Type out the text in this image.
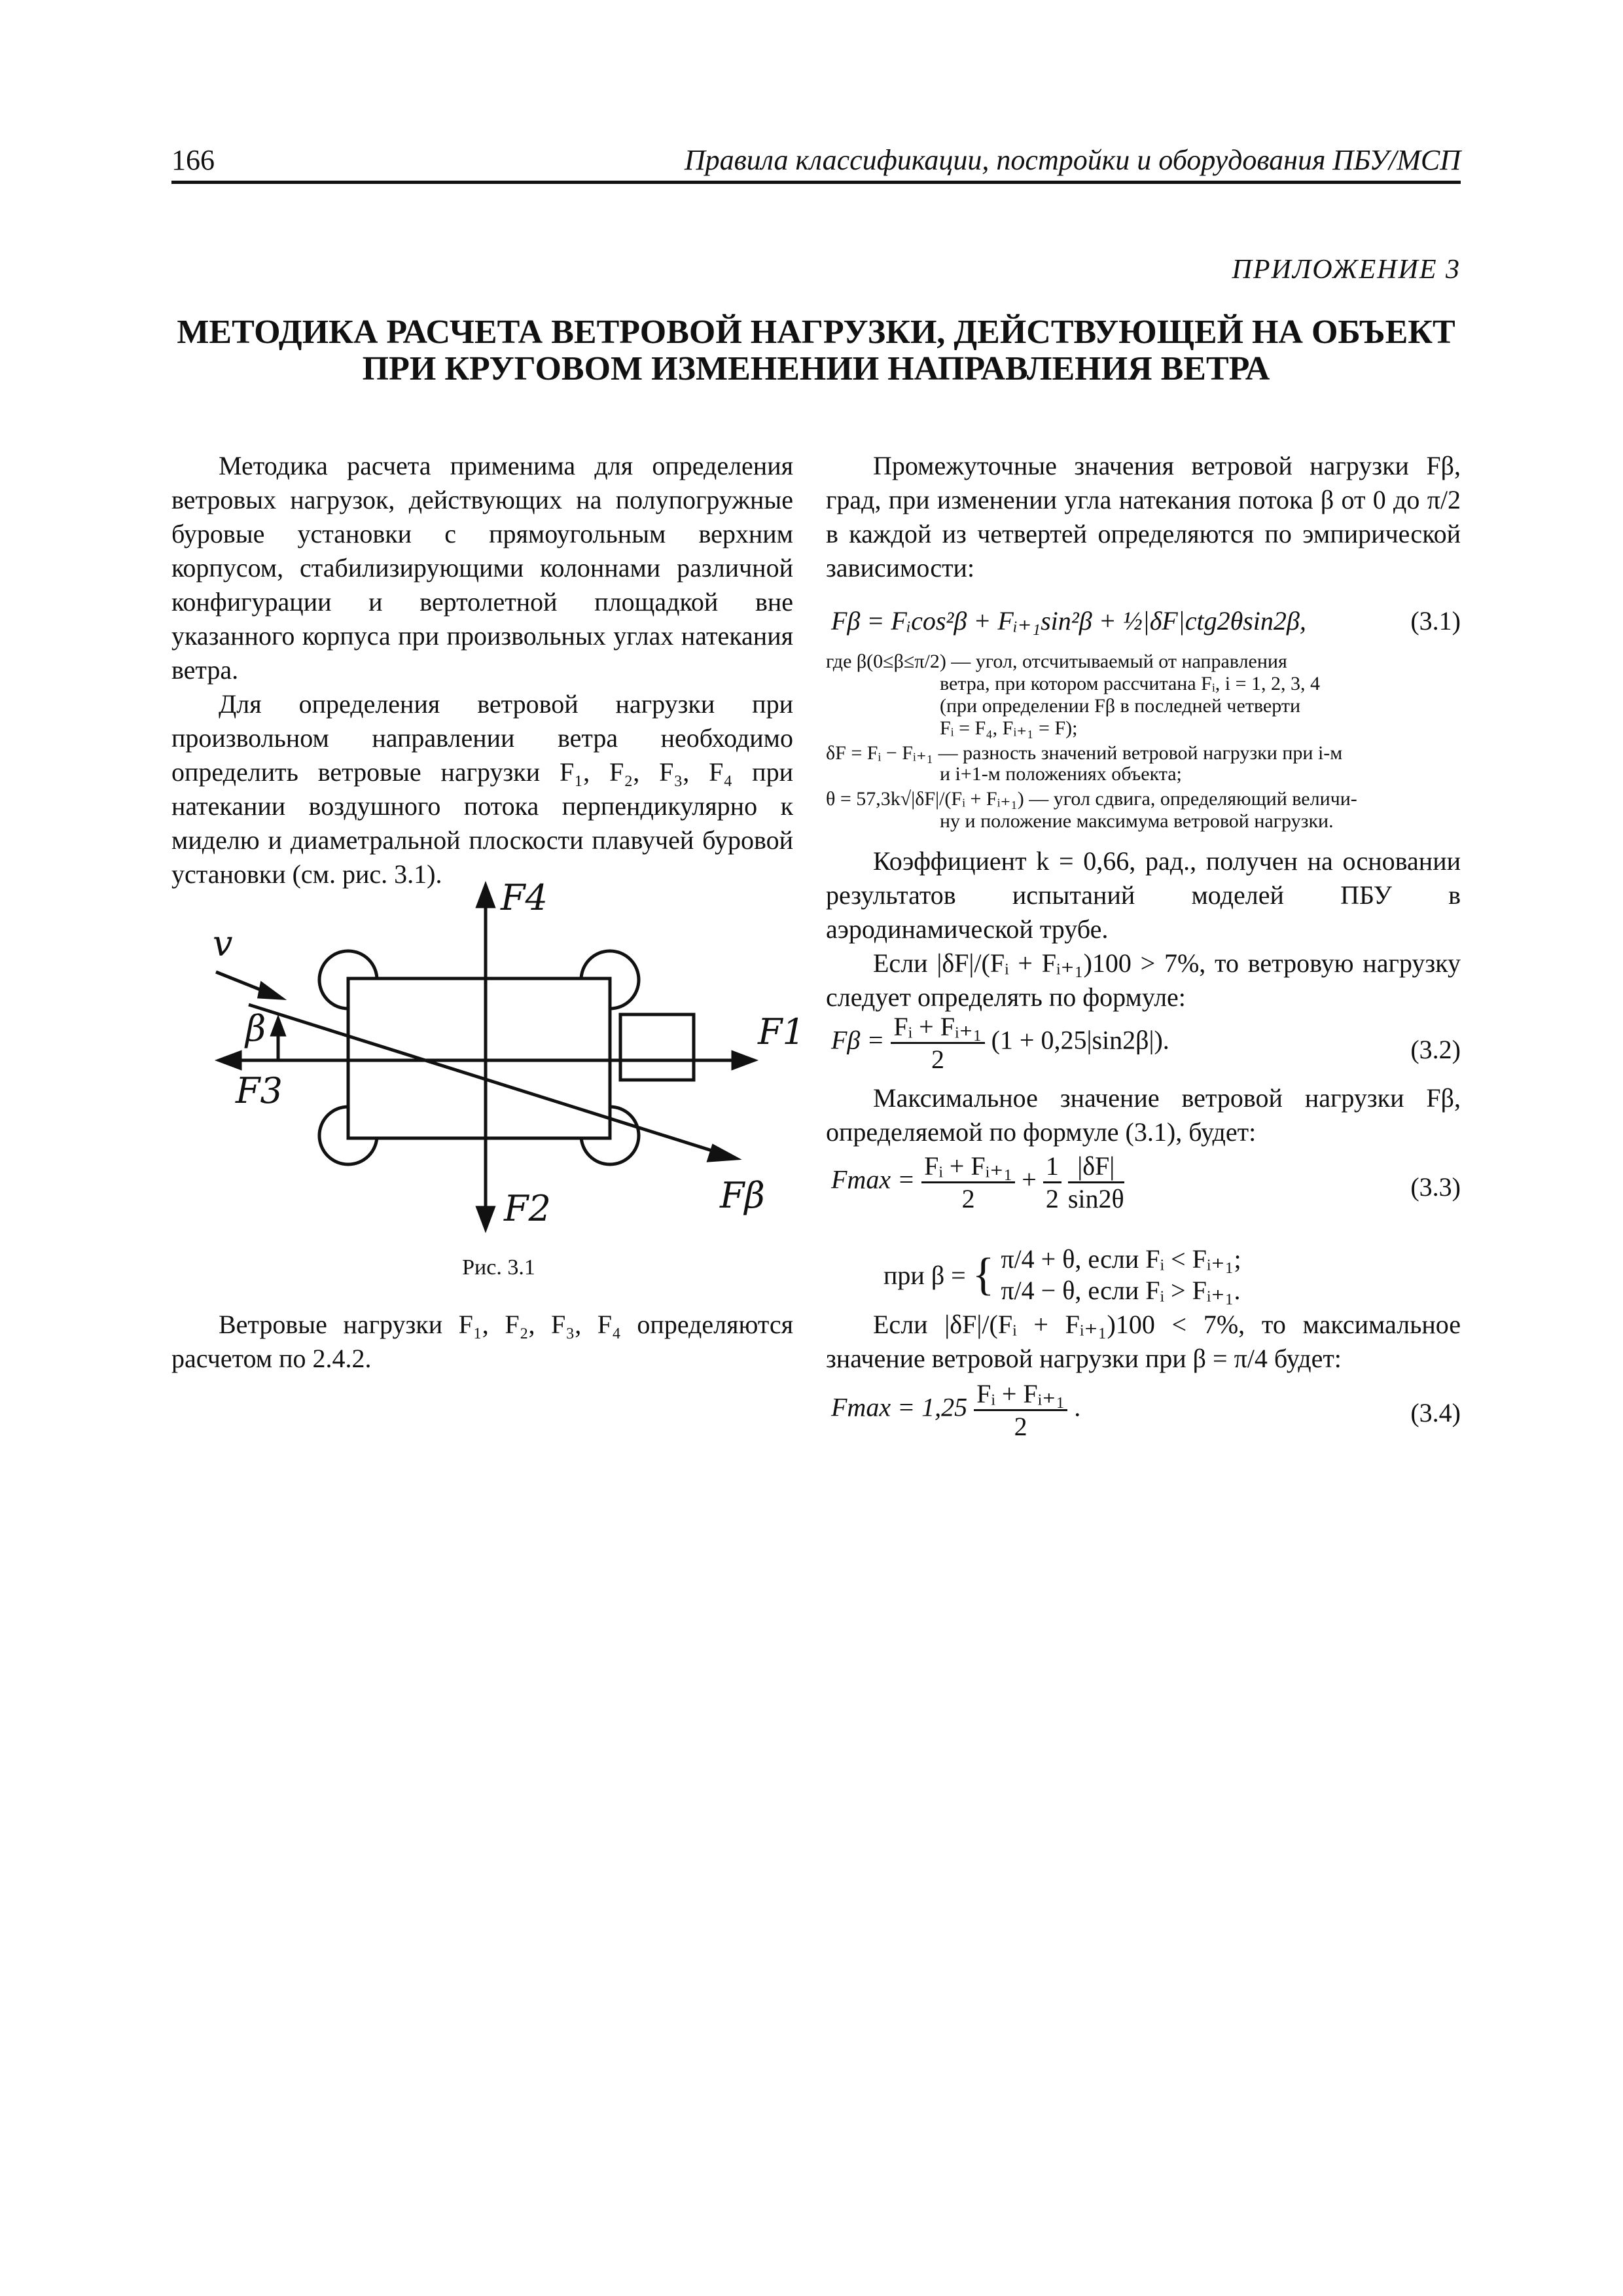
166	Правила классификации, постройки и оборудования ПБУ/МСП
ПРИЛОЖЕНИЕ 3
МЕТОДИКА РАСЧЕТА ВЕТРОВОЙ НАГРУЗКИ, ДЕЙСТВУЮЩЕЙ НА ОБЪЕКТ
ПРИ КРУГОВОМ ИЗМЕНЕНИИ НАПРАВЛЕНИЯ ВЕТРА

Методика расчета применима для определения ветровых нагрузок, действующих на полупогружные буровые установки с прямоугольным верхним корпусом, стабилизирующими колоннами различной конфигурации и вертолетной площадкой вне указанного корпуса при произвольных углах натекания ветра.

Для определения ветровой нагрузки при произвольном направлении ветра необходимо определить ветровые нагрузки F₁, F₂, F₃, F₄ при натекании воздушного потока перпендикулярно к миделю и диаметральной плоскости плавучей буровой установки (см. рис. 3.1).

v
F4
F1
F3
F2	Fβ
β
Рис. 3.1

Ветровые нагрузки F₁, F₂, F₃, F₄ определяются расчетом по 2.4.2.

Промежуточные значения ветровой нагрузки Fβ, град, при изменении угла натекания потока β от 0 до π/2 в каждой из четвертей определяются по эмпирической зависимости:

Fβ = Fᵢcos²β + Fᵢ₊₁sin²β + ½|δF|ctg2θsin2β,	(3.1)
где β(0≤β≤π/2) — угол, отсчитываемый от направления
ветра, при котором рассчитана Fᵢ, i = 1, 2, 3, 4
(при определении Fβ в последней четверти
Fᵢ = F₄, Fᵢ₊₁ = F);
δF = Fᵢ − Fᵢ₊₁ — разность значений ветровой нагрузки при i-м
и i+1-м положениях объекта;
θ = 57,3k√|δF|/(Fᵢ + Fᵢ₊₁) — угол сдвига, определяющий величи-
ну и положение максимума ветровой нагрузки.

Коэффициент k = 0,66, рад., получен на основании результатов испытаний моделей ПБУ в аэродинамической трубе.

Если |δF|/(Fᵢ + Fᵢ₊₁)100 > 7%, то ветровую нагрузку следует определять по формуле:

$F\beta = \frac{\text{Fᵢ + Fᵢ₊₁}}{2} (1 + 0,25|\sin 2\beta|)$.	(3.2)

Максимальное значение ветровой нагрузки Fβ, определяемой по формуле (3.1), будет:

$Fmax = \frac{\text{Fᵢ + Fᵢ₊₁}}{2} + \frac{1}{2}$
$\frac{|\delta F|}{\sin 2\theta}$	(3.3)
при β = { π/4 + θ, если Fᵢ < Fᵢ₊₁;
π/4 − θ, если Fᵢ > Fᵢ₊₁.

Если |δF|/(Fᵢ + Fᵢ₊₁)100 < 7%, то максимальное значение ветровой нагрузки при β = π/4 будет:

$Fmax = 1,25 \frac{\text{Fᵢ + Fᵢ₊₁}}{2}$ .	(3.4)
